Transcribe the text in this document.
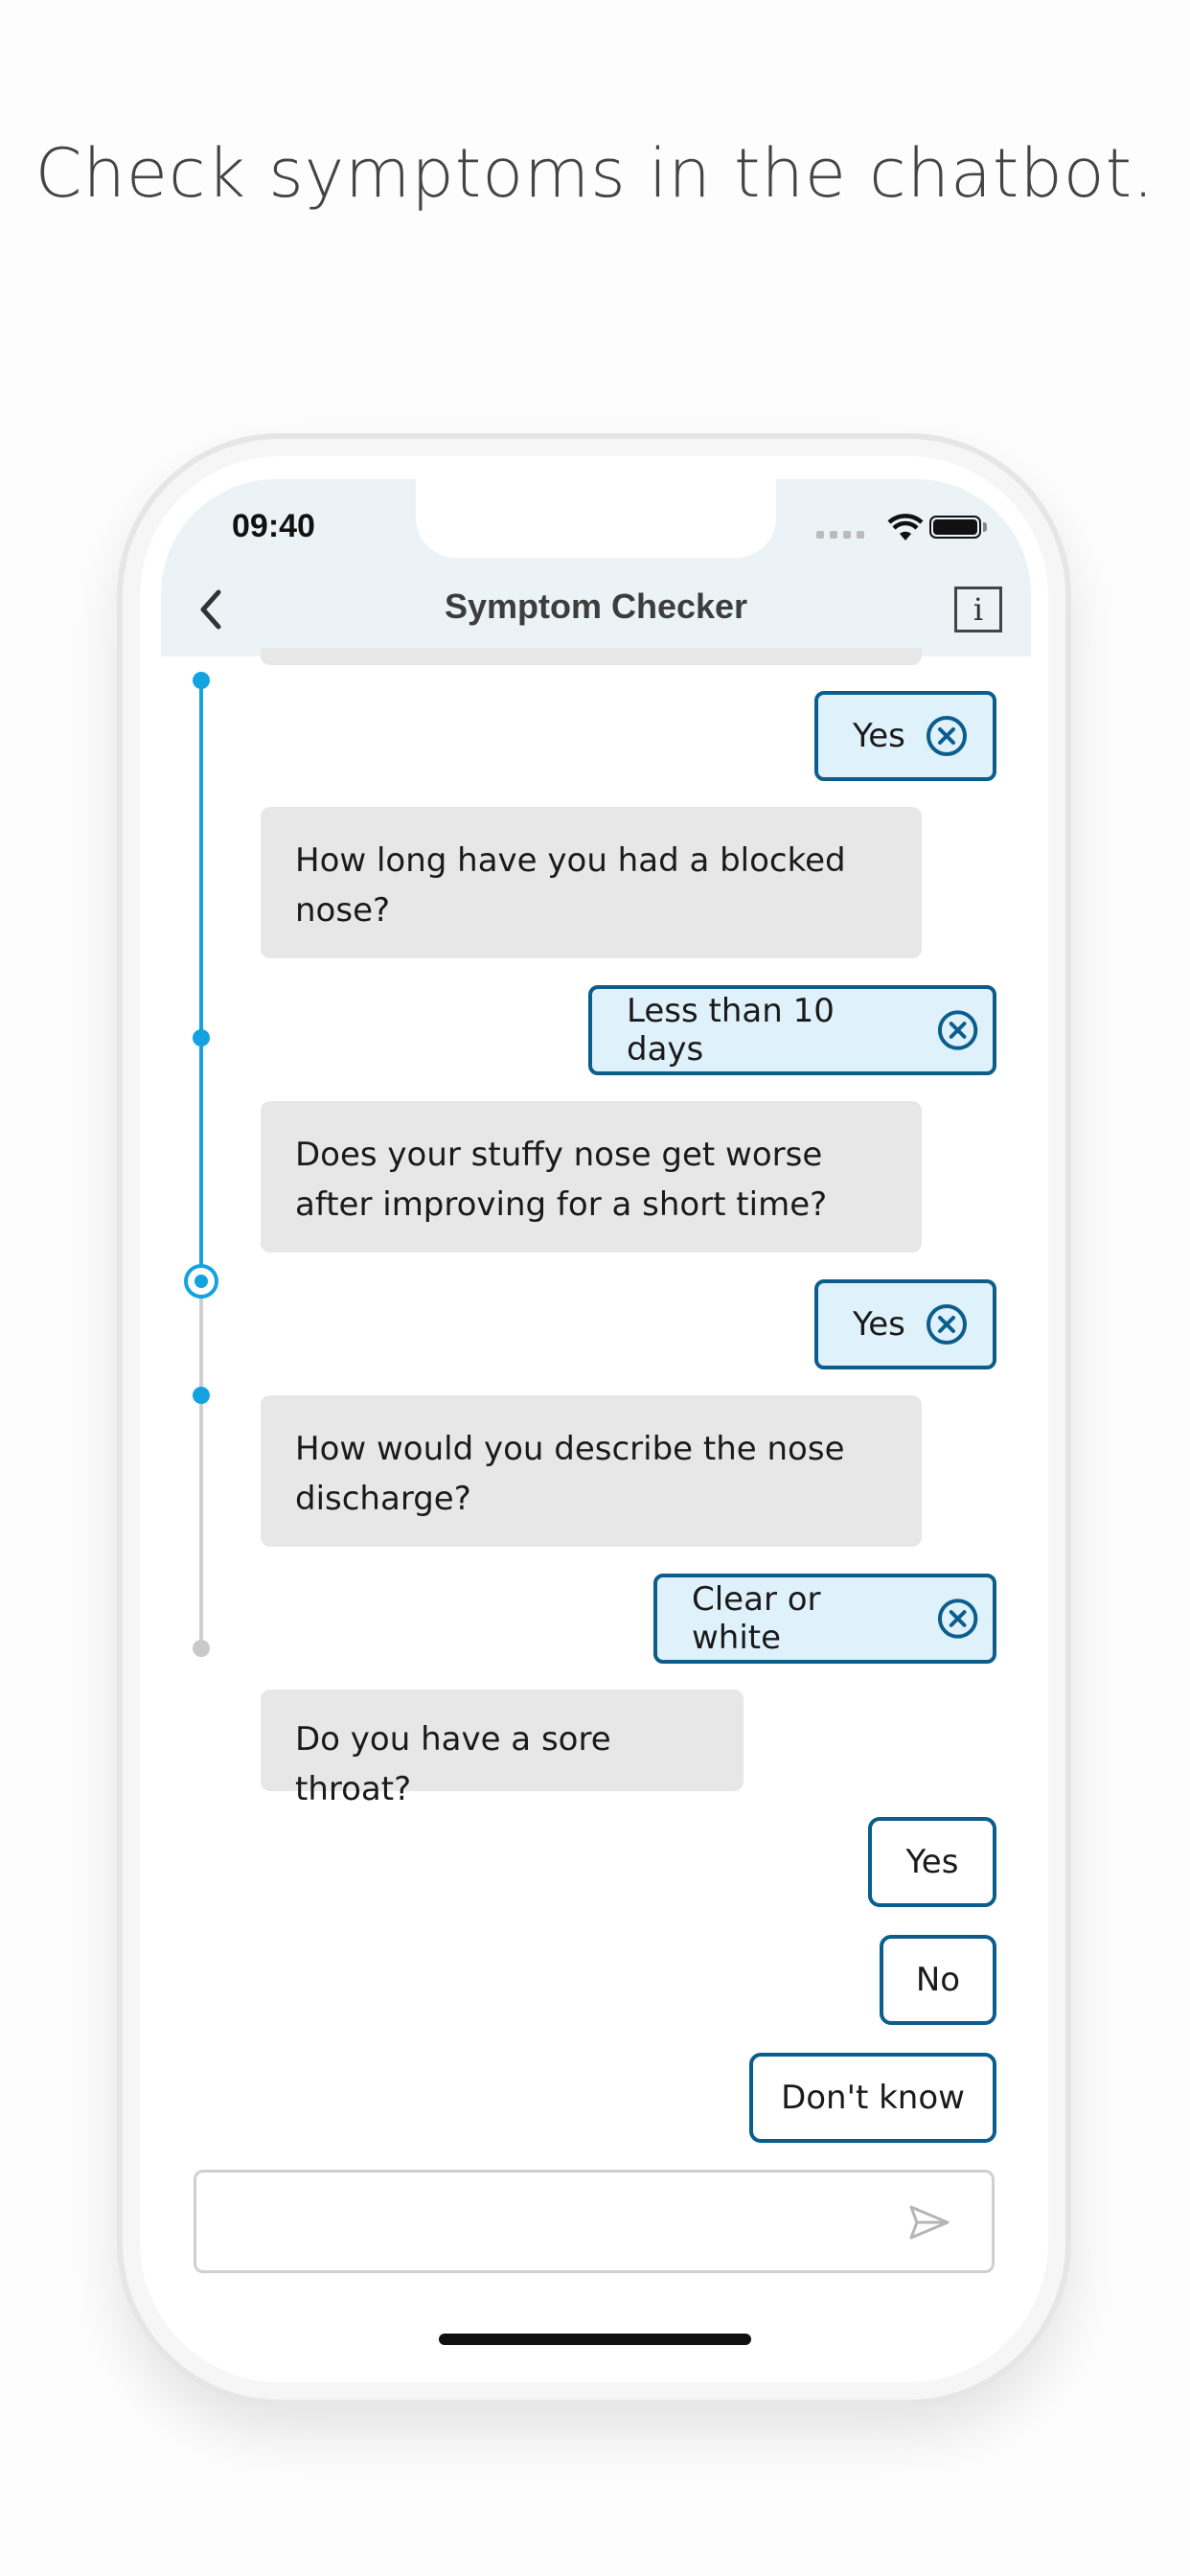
Check symptoms in the chatbot.
09:40
Symptom Checker	i
Yes
How long have you had a blocked nose?
Less than 10 days
Does your stuffy nose get worse after improving for a short time?
Yes
How would you describe the nose discharge?
Clear or white
Do you have a sore throat?
Yes
No
Don't know
